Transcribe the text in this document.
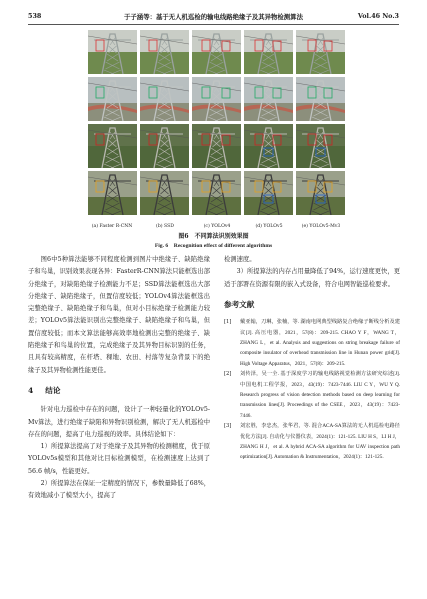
538	于子涵等：基于无人机巡检的输电线路绝缘子及其异物检测算法	Vol.46 No.3
(a) Faster R-CNN	(b) SSD	(c) YOLOv4	(d) YOLOv5	(e) YOLOv5-Mv3
图6　不同算法识别效果图
Fig. 6　Recognition effect of different algorithms

图6中5种算法能够不同程度检测到图片中绝缘子、缺陷绝缘子和鸟巢，识别效果表现各异：FasterR-CNN算法只能框选出部分绝缘子，对缺陷绝缘子检测能力不足；SSD算法能框选出大部分绝缘子、缺陷绝缘子，但置信度较低；YOLOv4算法能框选出完整绝缘子、缺陷绝缘子和鸟巢，但对小目标绝缘子检测能力较差；YOLOv5算法能识别出完整绝缘子、缺陷绝缘子和鸟巢，但置信度较低；而本文算法能够高效率地检测出完整的绝缘子、缺陷绝缘子和鸟巢的位置，完成绝缘子及其异物目标识别的任务，且具有较高精度，在杆塔、稞地、农田、村落等复杂背景下的绝缘子及其异物检测性能更佳。

4 结论

针对电力巡检中存在的问题，设计了一种轻量化的YOLOv5-Mv算法，进行绝缘子缺陷和异物识别检测，解决了无人机巡检中存在的问题，提高了电力巡视的效率。具体结论如下：

1）所提算法提高了对于绝缘子及其异物的检测精度，优于原YOLOv5s模型和其他对比目标检测模型，在检测速度上达到了56.6 帧/s，性能更好。

2）所提算法在保证一定精度的情况下，参数量降低了68%，有效地减小了模型大小，提高了

检测速度。

3）所提算法的内存占用量降低了94%，运行速度更快，更适于部署在资源有限的嵌入式设备，符合电网智能巡检要求。

参考文献
[1]	戴亚翰，刀琳，张楠，等. 湖南电网典型线路复合绝缘子断线分析及建议[J]. 高压电器，2021，57(8)：209-215. CHAO Y F，WANG T，ZHANG L，et al. Analysis and suggestions on string breakage failure of composite insulator of overhead transmission line in Hunan power grid[J]. High Voltage Apparatus，2021，57(8)：209-215.
[2]	刘传泽，吴一全. 基于深度学习的输电线路视觉检测方法研究综述[J]. 中国电机工程学报，2023，43(19)：7423-7446. LIU C Y，WU Y Q. Research progress of vision detection methods based on deep learning for transmission lines[J]. Proceedings of the CSEE，2023，43(19)：7423-7446.
[3]	刘宏胜，李忠杰，张华君，等. 混合ACA-SA算法的无人机巡检电路径优化方法[J]. 自动化与仪器仪表，2024(1)：121-125. LIU H S，LI H J，ZHANG H J，et al. A hybrid ACA-SA algorithm for UAV inspection path optimization[J]. Automation & Instrumentation，2024(1)：121-125.
